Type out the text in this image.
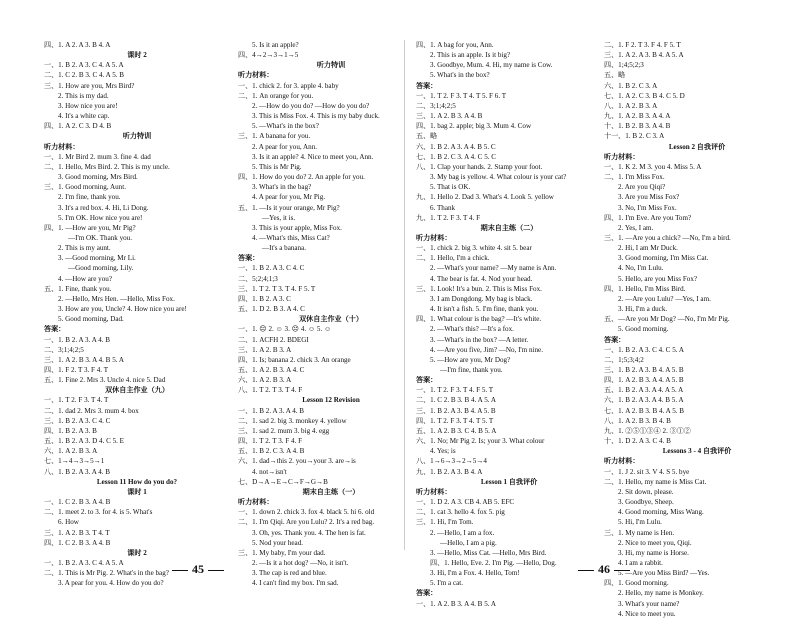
四、1. A 2. A 3. B 4. A
课时 2
一、1. B 2. A 3. C 4. A 5. A
二、1. C 2. B 3. C 4. A 5. B
三、1. How are you, Mrs Bird?
2. This is my dad.
3. How nice you are!
4. It's a white cap.
四、1. A 2. C 3. D 4. B
听力特训
听力材料：
一、1. Mr Bird 2. mum 3. fine 4. dad
二、1. Hello, Mrs Bird. 2. This is my uncle.
3. Good morning, Mrs Bird.
三、1. Good morning, Aunt.
2. I'm fine, thank you.
3. It's a red box. 4. Hi, Li Dong.
5. I'm OK. How nice you are!
四、1. —How are you, Mr Pig?
—I'm OK. Thank you.
2. This is my aunt.
3. —Good morning, Mr Li.
—Good morning, Lily.
4. —How are you?
五、1. Fine, thank you.
2. —Hello, Mrs Hen. —Hello, Miss Fox.
3. How are you, Uncle? 4. How nice you are!
5. Good morning, Dad.
答案：
一、1. B 2. A 3. A 4. B
二、3;1;4;2;5
三、1. A 2. B 3. A 4. B 5. A
四、1. F 2. T 3. F 4. T
五、1. Fine 2. Mrs 3. Uncle 4. nice 5. Dad
双休自主作业（九）
一、1. T 2. F 3. T 4. T
二、1. dad 2. Mrs 3. mum 4. box
三、1. B 2. A 3. C 4. C
四、1. B 2. A 3. B
五、1. B 2. A 3. D 4. C 5. E
六、1. A 2. B 3. A
七、1→4→3→5→1
八、1. B 2. A 3. A 4. B
Lesson 11 How do you do?
课时 1
一、1. C 2. B 3. A 4. B
二、1. meet 2. to 3. for 4. is 5. What's
6. How
三、1. A 2. B 3. T 4. T
四、1. C 2. B 3. A 4. B
课时 2
一、1. B 2. A 3. C 4. A 5. A
二、1. This is Mr Pig. 2. What's in the bag?
3. A pear for you. 4. How do you do?
5. Is it an apple?
四、4→2→3→1→5
听力特训
听力材料：
一、1. chick 2. for 3. apple 4. baby
二、1. An orange for you.
2. —How do you do? —How do you do?
3. This is Miss Fox. 4. This is my baby duck.
5. —What's in the box?
三、1. A banana for you.
2. A pear for you, Ann.
3. Is it an apple? 4. Nice to meet you, Ann.
5. This is Mr Pig.
四、1. How do you do? 2. An apple for you.
3. What's in the bag?
4. A pear for you, Mr Pig.
五、1. —Is it your orange, Mr Pig?
—Yes, it is.
3. This is your apple, Miss Fox.
4. —What's this, Miss Cat?
—It's a banana.
答案：
一、1. B 2. A 3. C 4. C
二、5;2;4;1;3
三、1. T 2. T 3. T 4. F 5. T
四、1. B 2. A 3. C
五、1. D 2. B 3. A 4. C
双休自主作业（十）
一、1. ☹ 2. ☺ 3. ☹ 4. ☺ 5. ☺
二、1. ACFH 2. BDEGI
三、1. A 2. B 3. A
四、1. Is; banana 2. chick 3. An orange
五、1. A 2. B 3. A 4. C
六、1. A 2. B 3. A
八、1. T 2. T 3. T 4. F
Lesson 12 Revision
一、1. B 2. A 3. A 4. B
二、1. sad 2. big 3. monkey 4. yellow
三、1. sad 2. mum 3. big 4. egg
四、1. T 2. T 3. F 4. F
五、1. B 2. C 3. A 4. B
六、1. dad→this 2. you→your 3. are→is
4. not→isn't
七、D→A→E→C→F→G→B
期末自主练（一）
听力材料：
一、1. down 2. chick 3. fox 4. black 5. hi 6. old
二、1. I'm Qiqi. Are you Lulu? 2. It's a red bag.
3. Oh, yes. Thank you. 4. The hen is fat.
5. Nod your head.
三、1. My baby, I'm your dad.
2. —Is it a hot dog? —No, it isn't.
3. The cap is red and blue.
4. I can't find my box. I'm sad.
四、1. A bag for you, Ann.
2. This is an apple. Is it big?
3. Goodbye, Mum. 4. Hi, my name is Cow.
5. What's in the box?
答案：
一、1. T 2. F 3. T 4. T 5. F 6. T
二、3;1;4;2;5
三、1. A 2. B 3. A 4. B
四、1. bag 2. apple; big 3. Mum 4. Cow
五、略
六、1. B 2. A 3. A 4. B 5. C
七、1. B 2. C 3. A 4. C 5. C
八、1. Clap your hands. 2. Stamp your foot.
3. My bag is yellow. 4. What colour is your cat?
5. That is OK.
九、1. Hello 2. Dad 3. What's 4. Look 5. yellow
6. Thank
九、1. T 2. F 3. T 4. F
期末自主练（二）
听力材料：
一、1. chick 2. big 3. white 4. sit 5. bear
二、1. Hello, I'm a chick.
2. —What's your name? —My name is Ann.
4. The bear is fat. 4. Nod your head.
三、1. Look! It's a bun. 2. This is Miss Fox.
3. I am Dongdong. My bag is black.
4. It isn't a fish. 5. I'm fine, thank you.
四、1. What colour is the bag? —It's white.
2. —What's this? —It's a fox.
3. —What's in the box? —A letter.
4. —Are you five, Jim? —No, I'm nine.
5. —How are you, Mr Dog?
—I'm fine, thank you.
答案：
一、1. T 2. F 3. T 4. F 5. T
二、1. C 2. B 3. B 4. A 5. A
三、1. B 2. A 3. B 4. A 5. B
四、1. T 2. F 3. T 4. T 5. T
五、1. A 2. B 3. C 4. B 5. A
六、1. No; Mr Pig 2. Is; your 3. What colour
4. Yes; is
八、1→6→3→2→5→4
九、1. B 2. A 3. B 4. A
Lesson 1 自我评价
听力材料：
一、1. D 2. A 3. CB 4. AB 5. EFC
二、1. cat 3. hello 4. fox 5. pig
三、1. Hi, I'm Tom.
2. —Hello, I am a fox.
—Hello, I am a pig.
3. —Hello, Miss Cat. —Hello, Mrs Bird.
四、1. Hello, Eve. 2. I'm Pig. —Hello, Dog.
3. Hi, I'm a Fox. 4. Hello, Tom!
5. I'm a cat.
答案：
一、1. A 2. B 3. A 4. B 5. A
二、1. F 2. T 3. F 4. F 5. T
三、1. A 2. A 3. B 4. A 5. A
四、1;4;5;2;3
五、略
六、1. B 2. C 3. A
七、1. A 2. C 3. B 4. C 5. D
八、1. A 2. B 3. A
九、1. A 2. B 3. A 4. A
十、1. B 2. B 3. A 4. B
十一、1. B 2. C 3. A
Lesson 2 自我评价
听力材料：
一、1. K 2. M 3. you 4. Miss 5. A
二、1. I'm Miss Fox.
2. Are you Qiqi?
3. Are you Miss Fox?
3. No, I'm Miss Fox.
四、1. I'm Eve. Are you Tom?
2. Yes, I am.
三、1. —Are you a chick? —No, I'm a bird.
2. Hi, I am Mr Duck.
3. Good morning, I'm Miss Cat.
4. No, I'm Lulu.
5. Hello, are you Miss Fox?
四、1. Hello, I'm Miss Bird.
2. —Are you Lulu? —Yes, I am.
3. Hi, I'm a duck.
五、—Are you Mr Dog? —No, I'm Mr Pig.
5. Good morning.
答案：
一、1. B 2. A 3. C 4. C 5. A
二、1;5;3;4;2
三、1. B 2. A 3. B 4. A 5. B
四、1. A 2. B 3. A 4. A 5. B
五、1. B 2. A 3. A 4. A 5. A
六、1. B 2. A 3. A 4. B 5. A
七、1. A 2. B 3. B 4. A 5. B
八、1. A 2. B 3. B 4. B
九、1. ②⑤①③④ 2. ③①②
十、1. D 2. A 3. C 4. B
Lessons 3 - 4 自我评价
听力材料：
一、1. J 2. sit 3. V 4. S 5. bye
二、1. Hello, my name is Miss Cat.
2. Sit down, please.
3. Goodbye, Sheep.
4. Good morning, Miss Wang.
5. Hi, I'm Lulu.
三、1. My name is Hen.
2. Nice to meet you, Qiqi.
3. Hi, my name is Horse.
4. I am a rabbit.
5. —Are you Miss Bird? —Yes.
四、1. Good morning.
2. Hello, my name is Monkey.
3. What's your name?
4. Nice to meet you.
45	46
